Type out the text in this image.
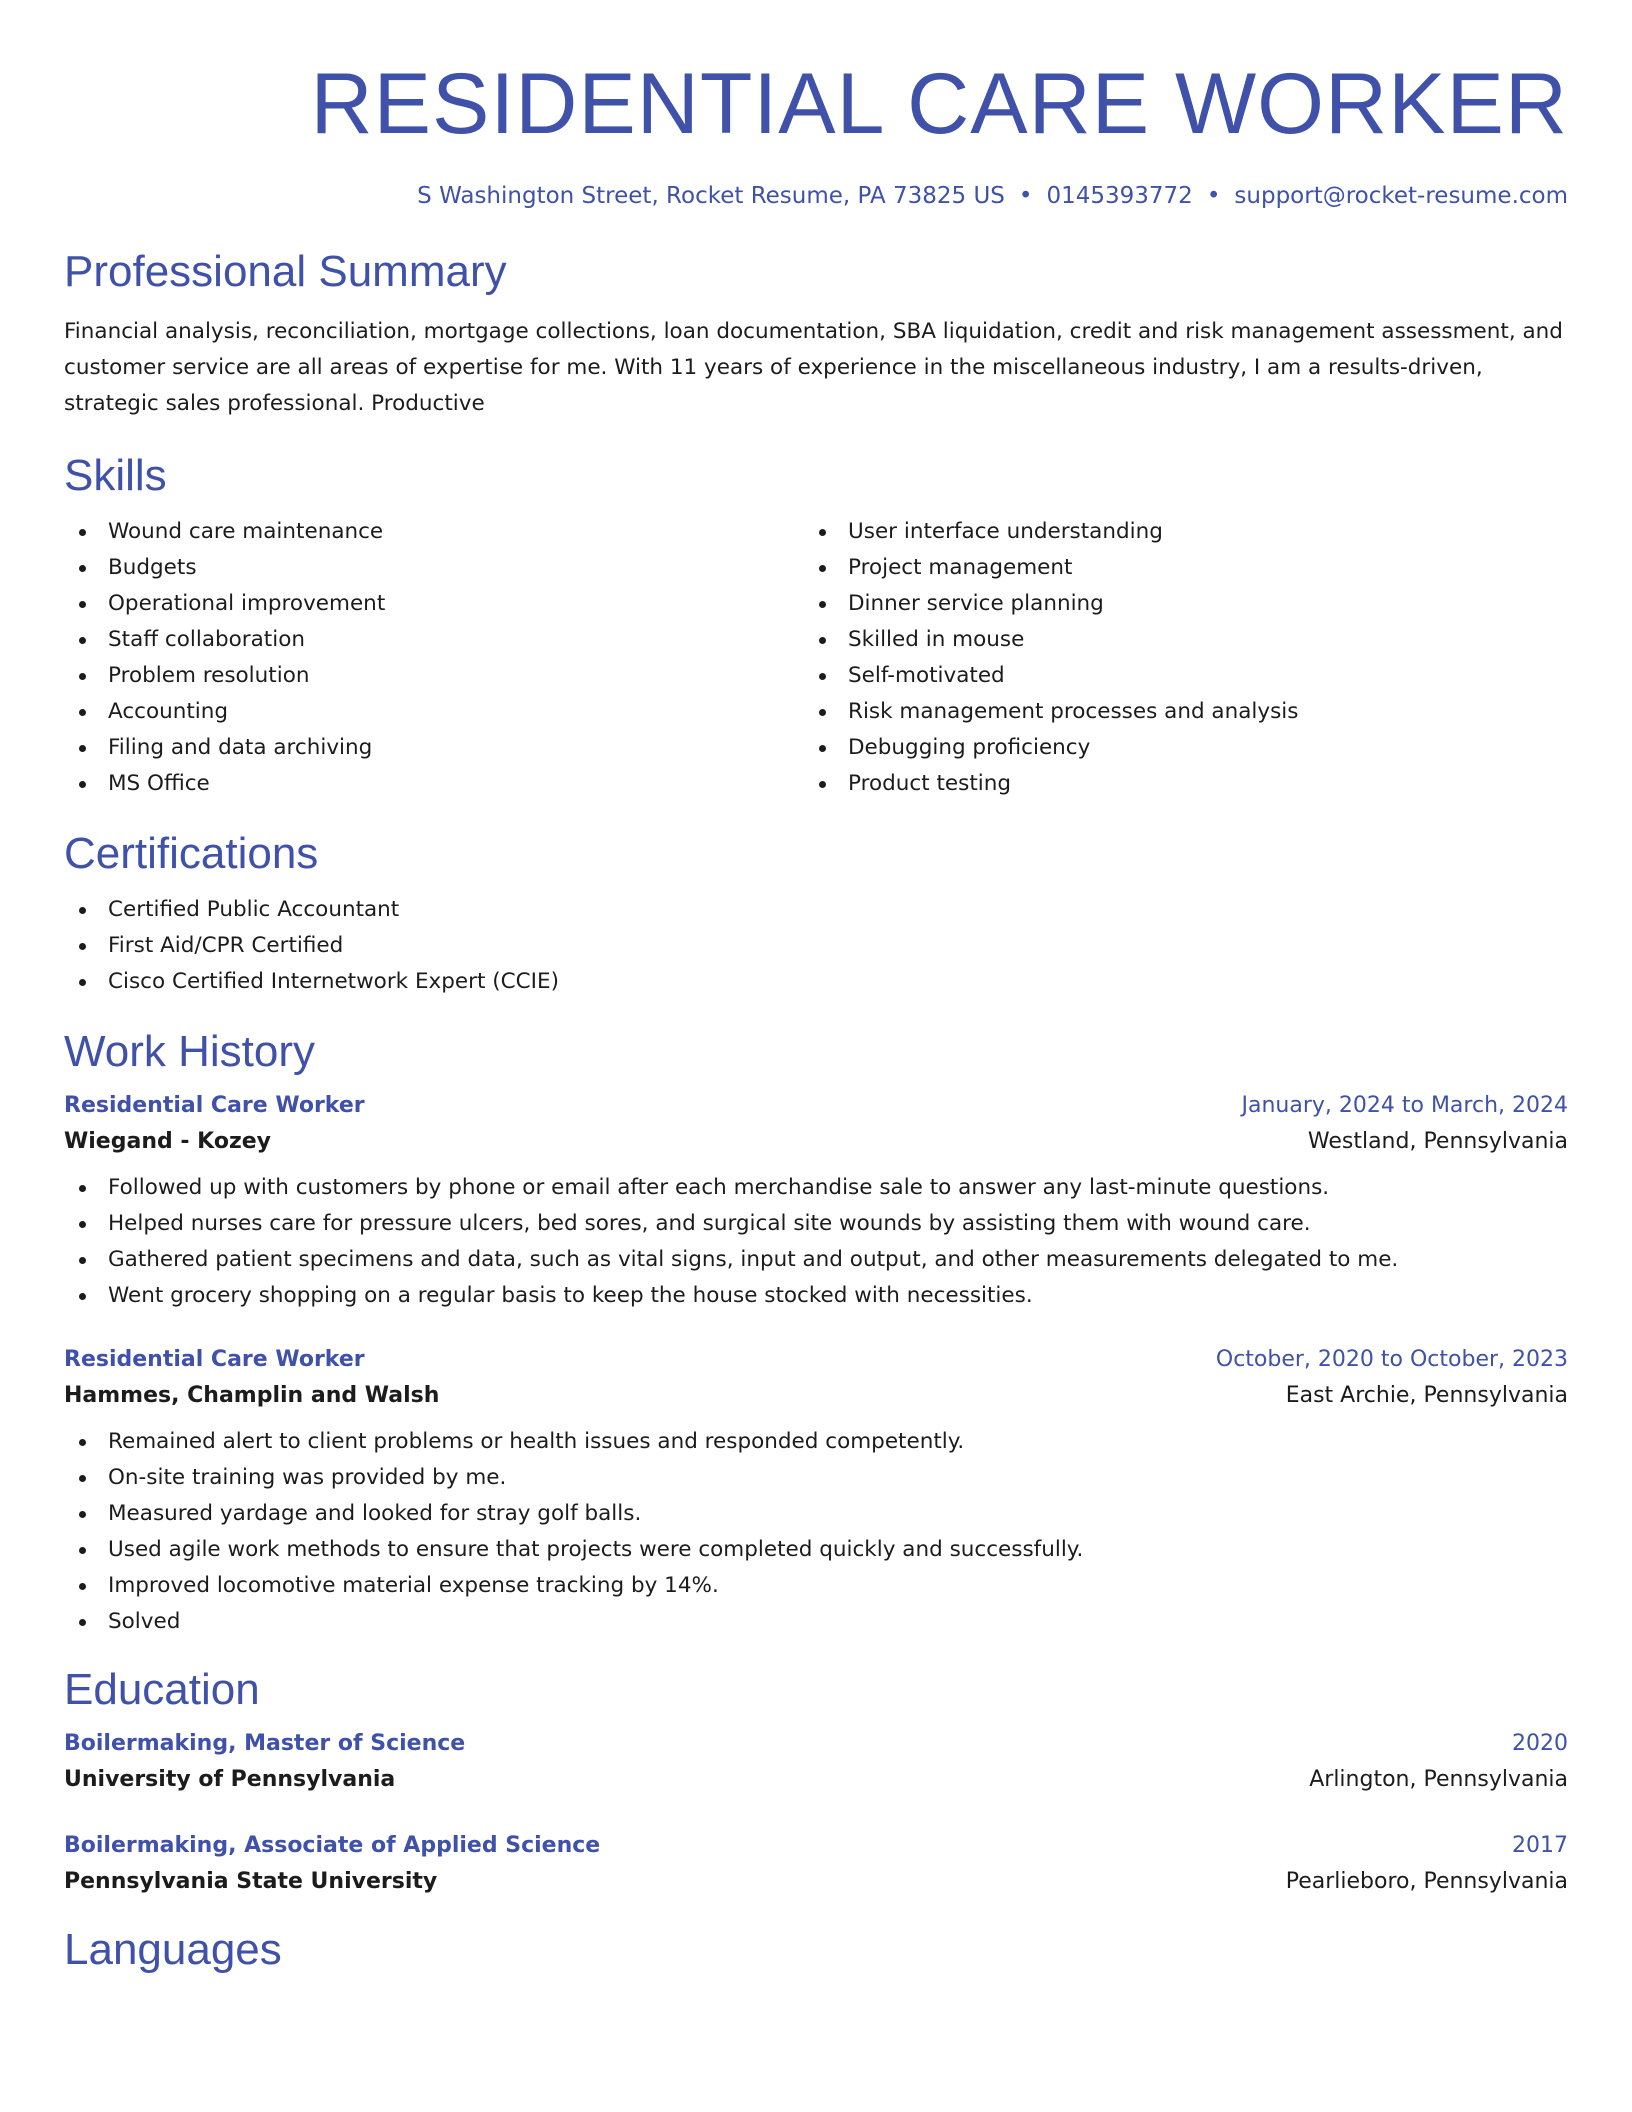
RESIDENTIAL CARE WORKER
S Washington Street, Rocket Resume, PA 73825 US • 0145393772 • support@rocket-resume.com
Professional Summary

Financial analysis, reconciliation, mortgage collections, loan documentation, SBA liquidation, credit and risk management assessment, and customer service are all areas of expertise for me. With 11 years of experience in the miscellaneous industry, I am a results-driven, strategic sales professional. Productive

Skills
Wound care maintenance
Budgets
Operational improvement
Staff collaboration
Problem resolution
Accounting
Filing and data archiving
MS Office
User interface understanding
Project management
Dinner service planning
Skilled in mouse
Self-motivated
Risk management processes and analysis
Debugging proficiency
Product testing
Certifications
Certified Public Accountant
First Aid/CPR Certified
Cisco Certified Internetwork Expert (CCIE)
Work History
Residential Care Worker	January, 2024 to March, 2024
Wiegand - Kozey	Westland, Pennsylvania
Followed up with customers by phone or email after each merchandise sale to answer any last-minute questions.
Helped nurses care for pressure ulcers, bed sores, and surgical site wounds by assisting them with wound care.
Gathered patient specimens and data, such as vital signs, input and output, and other measurements delegated to me.
Went grocery shopping on a regular basis to keep the house stocked with necessities.
Residential Care Worker	October, 2020 to October, 2023
Hammes, Champlin and Walsh	East Archie, Pennsylvania
Remained alert to client problems or health issues and responded competently.
On-site training was provided by me.
Measured yardage and looked for stray golf balls.
Used agile work methods to ensure that projects were completed quickly and successfully.
Improved locomotive material expense tracking by 14%.
Solved
Education
Boilermaking, Master of Science	2020
University of Pennsylvania	Arlington, Pennsylvania
Boilermaking, Associate of Applied Science	2017
Pennsylvania State University	Pearlieboro, Pennsylvania
Languages
